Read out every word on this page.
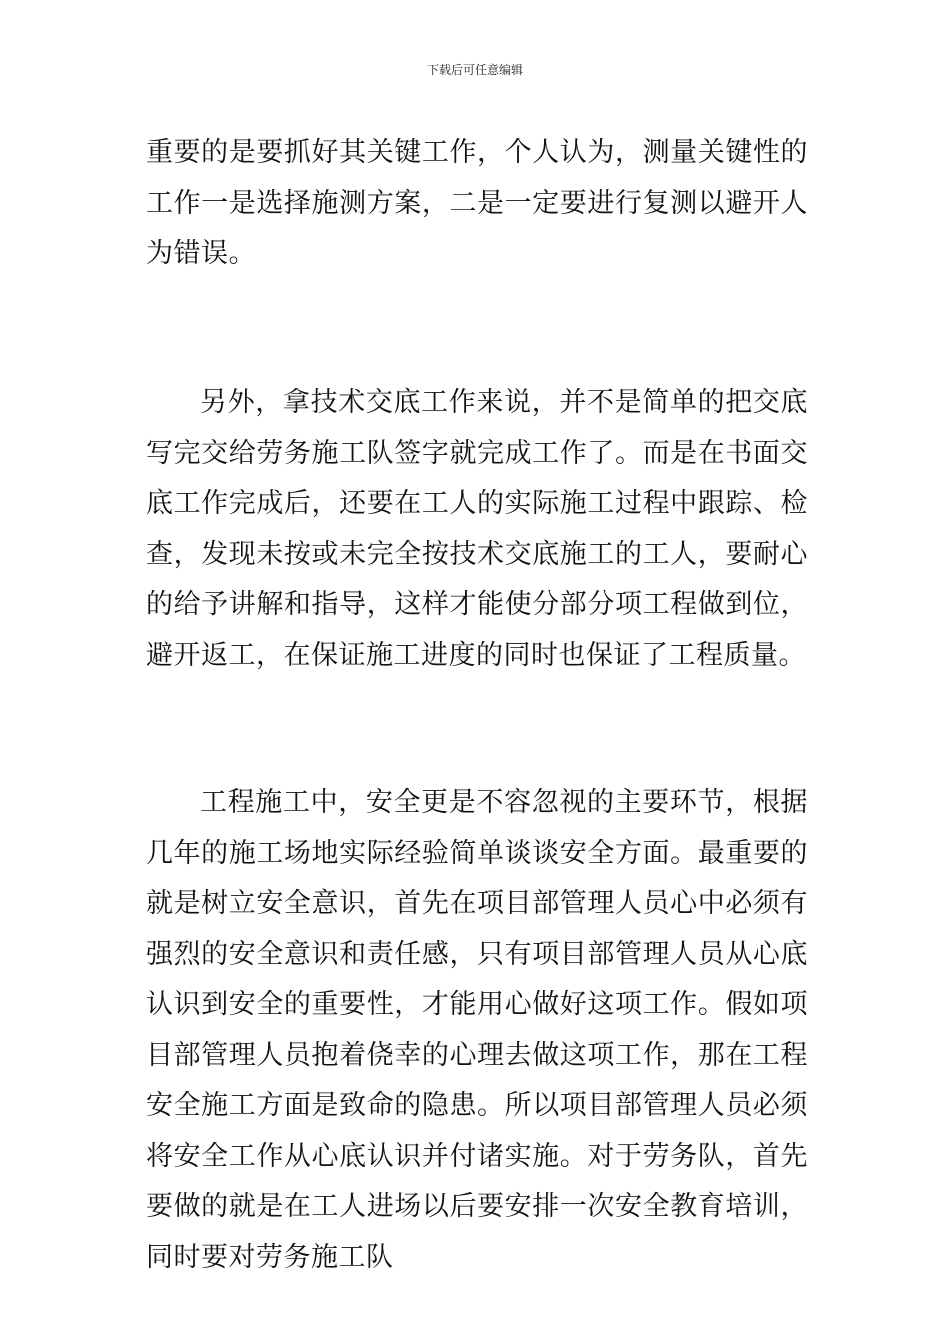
下载后可任意编辑

重要的是要抓好其关键工作，个人认为，测量关键性的工作一是选择施测方案，二是一定要进行复测以避开人为错误。

另外，拿技术交底工作来说，并不是简单的把交底写完交给劳务施工队签字就完成工作了。而是在书面交底工作完成后，还要在工人的实际施工过程中跟踪、检查，发现未按或未完全按技术交底施工的工人，要耐心的给予讲解和指导，这样才能使分部分项工程做到位，避开返工，在保证施工进度的同时也保证了工程质量。

工程施工中，安全更是不容忽视的主要环节，根据几年的施工场地实际经验简单谈谈安全方面。最重要的就是树立安全意识，首先在项目部管理人员心中必须有强烈的安全意识和责任感，只有项目部管理人员从心底认识到安全的重要性，才能用心做好这项工作。假如项目部管理人员抱着侥幸的心理去做这项工作，那在工程安全施工方面是致命的隐患。所以项目部管理人员必须将安全工作从心底认识并付诸实施。对于劳务队，首先要做的就是在工人进场以后要安排一次安全教育培训，同时要对劳务施工队
